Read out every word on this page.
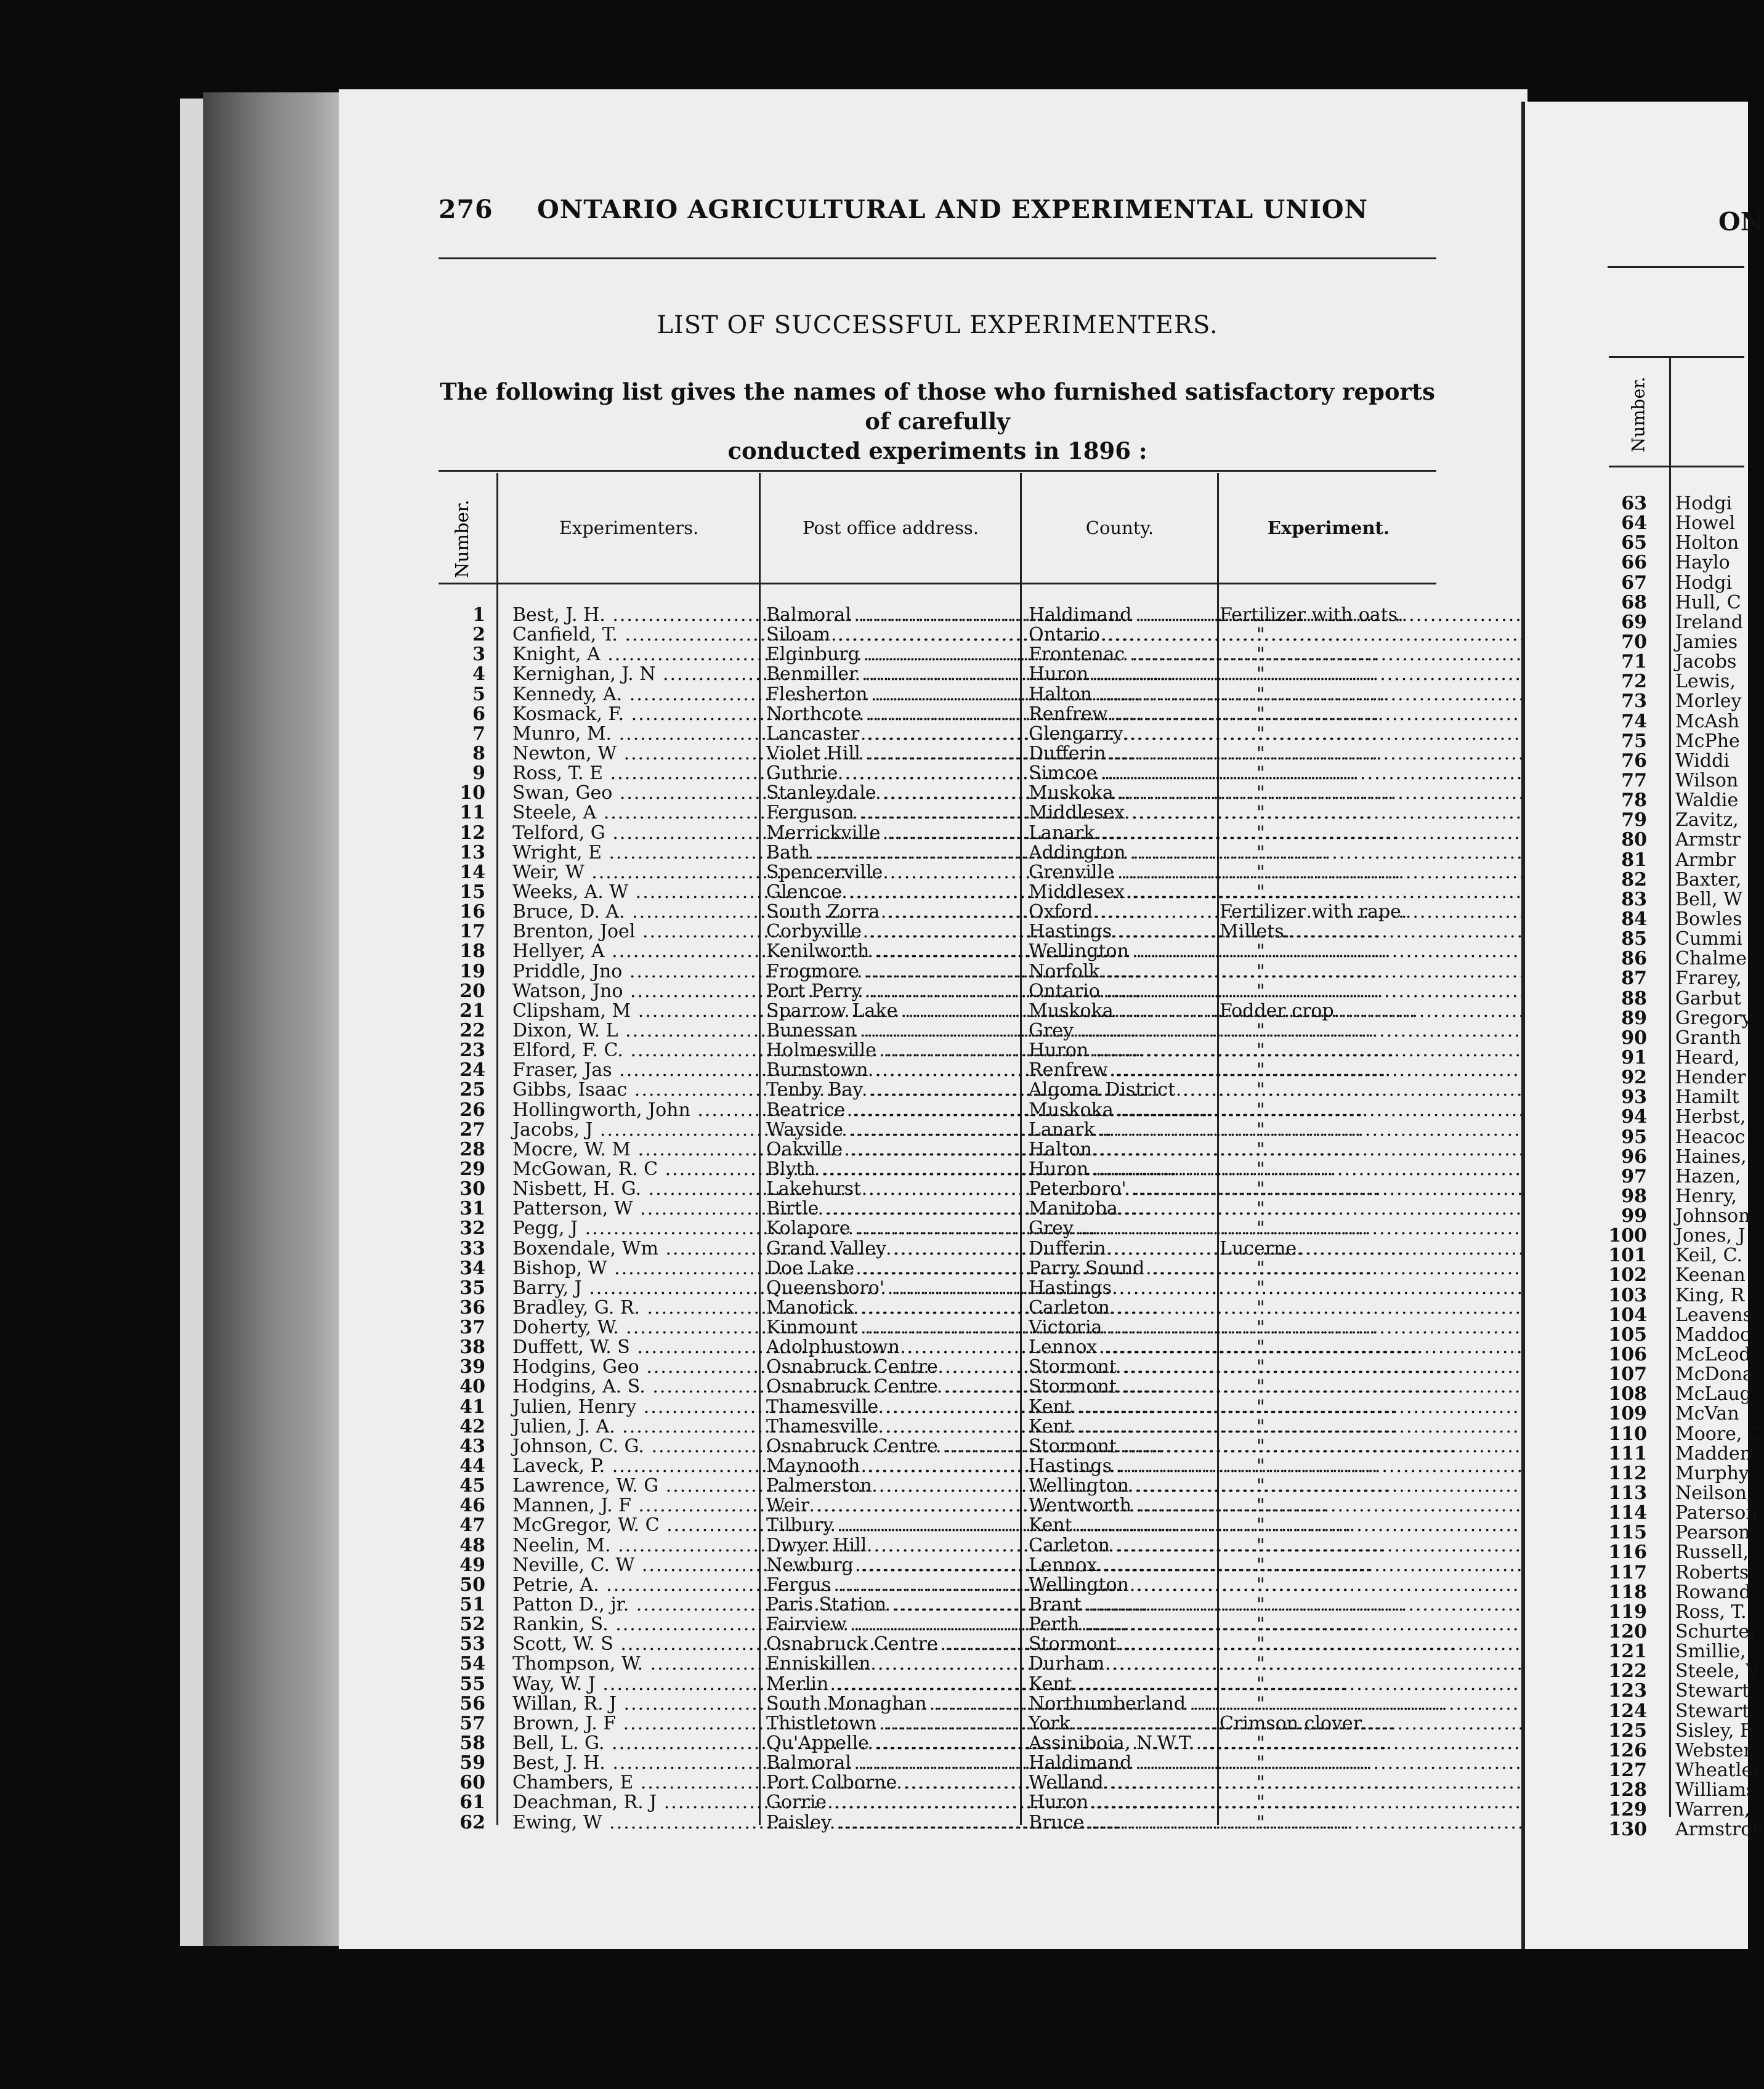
276 ONTARIO AGRICULTURAL AND EXPERIMENTAL UNION
LIST OF SUCCESSFUL EXPERIMENTERS.
The following list gives the names of those who furnished satisfactory reports of carefully
conducted experiments in 1896 :
Number.	Experimenters.	Post office address.	County.	Experiment.
1 Best, J. H. .....	Balmoral .....	Haldimand .....	Fertilizer with oats.
2 Canfield, T. .....	Siloam .....	Ontario .....	"
3 Knight, A .....	Elginburg .....	Frontenac .....	"
4 Kernighan, J. N .....	Benmiller .....	Huron .....	"
5 Kennedy, A. .....	Flesherton .....	Halton .....	"
6 Kosmack, F. .....	Northcote .....	Renfrew .....	"
7 Munro, M. .....	Lancaster .....	Glengarry .....	"
8 Newton, W .....	Violet Hill .....	Dufferin .....	"
9 Ross, T. E .....	Guthrie .....	Simcoe .....	"
10 Swan, Geo .....	Stanleydale .....	Muskoka .....	"
11 Steele, A .....	Ferguson .....	Middlesex .....	"
12 Telford, G .....	Merrickville .....	Lanark .....	"
13 Wright, E .....	Bath .....	Addington .....	"
14 Weir, W .....	Spencerville .....	Grenville .....	"
15 Weeks, A. W .....	Glencoe .....	Middlesex .....	"
16 Bruce, D. A. .....	South Zorra .....	Oxford .....	Fertilizer with rape.
17 Brenton, Joel .....	Corbyville .....	Hastings .....	Millets.
18 Hellyer, A .....	Kenilworth .....	Wellington .....	"
19 Priddle, Jno .....	Frogmore .....	Norfolk .....	"
20 Watson, Jno .....	Port Perry .....	Ontario .....	"
21 Clipsham, M .....	Sparrow Lake .....	Muskoka .....	Fodder crop.
22 Dixon, W. L .....	Bunessan .....	Grey .....	"
23 Elford, F. C. .....	Holmesville .....	Huron .....	"
24 Fraser, Jas .....	Burnstown .....	Renfrew .....	"
25 Gibbs, Isaac .....	Tenby Bay .....	Algoma District .....	"
26 Hollingworth, John .....	Beatrice .....	Muskoka .....	"
27 Jacobs, J .....	Wayside .....	Lanark .....	"
28 Mocre, W. M .....	Oakville .....	Halton .....	"
29 McGowan, R. C .....	Blyth .....	Huron .....	"
30 Nisbett, H. G. .....	Lakehurst .....	Peterboro' .....	"
31 Patterson, W .....	Birtle .....	Manitoba .....	"
32 Pegg, J .....	Kolapore .....	Grey .....	"
33 Boxendale, Wm .....	Grand Valley .....	Dufferin .....	Lucerne.
34 Bishop, W .....	Doe Lake .....	Parry Sound .....	"
35 Barry, J .....	Queensboro' .....	Hastings .....	"
36 Bradley, G. R. .....	Manotick .....	Carleton .....	"
37 Doherty, W. .....	Kinmount .....	Victoria .....	"
38 Duffett, W. S .....	Adolphustown .....	Lennox .....	"
39 Hodgins, Geo .....	Osnabruck Centre .....	Stormont .....	"
40 Hodgins, A. S. .....	Osnabruck Centre .....	Stormont .....	"
41 Julien, Henry .....	Thamesville .....	Kent .....	"
42 Julien, J. A. .....	Thamesville .....	Kent .....	"
43 Johnson, C. G. .....	Osnabruck Centre .....	Stormont .....	"
44 Laveck, P. .....	Maynooth .....	Hastings .....	"
45 Lawrence, W. G .....	Palmerston .....	Wellington .....	"
46 Mannen, J. F .....	Weir .....	Wentworth .....	"
47 McGregor, W. C .....	Tilbury .....	Kent .....	"
48 Neelin, M. .....	Dwyer Hill .....	Carleton .....	"
49 Neville, C. W .....	Newburg .....	Lennox .....	"
50 Petrie, A. .....	Fergus .....	Wellington .....	"
51 Patton D., jr. .....	Paris Station .....	Brant .....	"
52 Rankin, S. .....	Fairview .....	Perth .....	"
53 Scott, W. S .....	Osnabruck Centre .....	Stormont .....	"
54 Thompson, W. .....	Enniskillen .....	Durham .....	"
55 Way, W. J .....	Merlin .....	Kent .....	"
56 Willan, R. J .....	South Monaghan .....	Northumberland .....	"
57 Brown, J. F .....	Thistletown .....	York .....	Crimson clover.
58 Bell, L. G. .....	Qu'Appelle .....	Assiniboia, N.W.T. .....	"
59 Best, J. H. .....	Balmoral .....	Haldimand .....	"
60 Chambers, E .....	Port Colborne .....	Welland .....	"
61 Deachman, R. J .....	Gorrie .....	Huron .....	"
62 Ewing, W .....	Paisley .....	Bruce .....	"
ON
Number.
63 Hodgi
64 Howel
65 Holton
66 Haylo
67 Hodgi
68 Hull, C
69 Ireland
70 Jamies
71 Jacobs
72 Lewis,
73 Morley
74 McAsh
75 McPhe
76 Widdi
77 Wilson
78 Waldie
79 Zavitz,
80 Armstr
81 Armbr
82 Baxter,
83 Bell, W
84 Bowles
85 Cummi
86 Chalme
87 Frarey,
88 Garbut
89 Gregory
90 Granth
91 Heard,
92 Hender
93 Hamilt
94 Herbst,
95 Heacoc
96 Haines,
97 Hazen,
98 Henry,
99 Johnson
100 Jones, J
101 Keil, C.
102 Keenan
103 King, R
104 Leavens
105 Maddoc
106 McLeod
107 McDona
108 McLaug
109 McVan
110 Moore, C
111 Madden
112 Murphy
113 Neilson,
114 Paterson
115 Pearson,
116 Russell,
117 Roberts
118 Rowand
119 Ross, T.
120 Schurter
121 Smillie,
122 Steele, V
123 Stewart,
124 Stewart,
125 Sisley, F
126 Webster,
127 Wheatley
128 Williams
129 Warren,
130 Armstron
